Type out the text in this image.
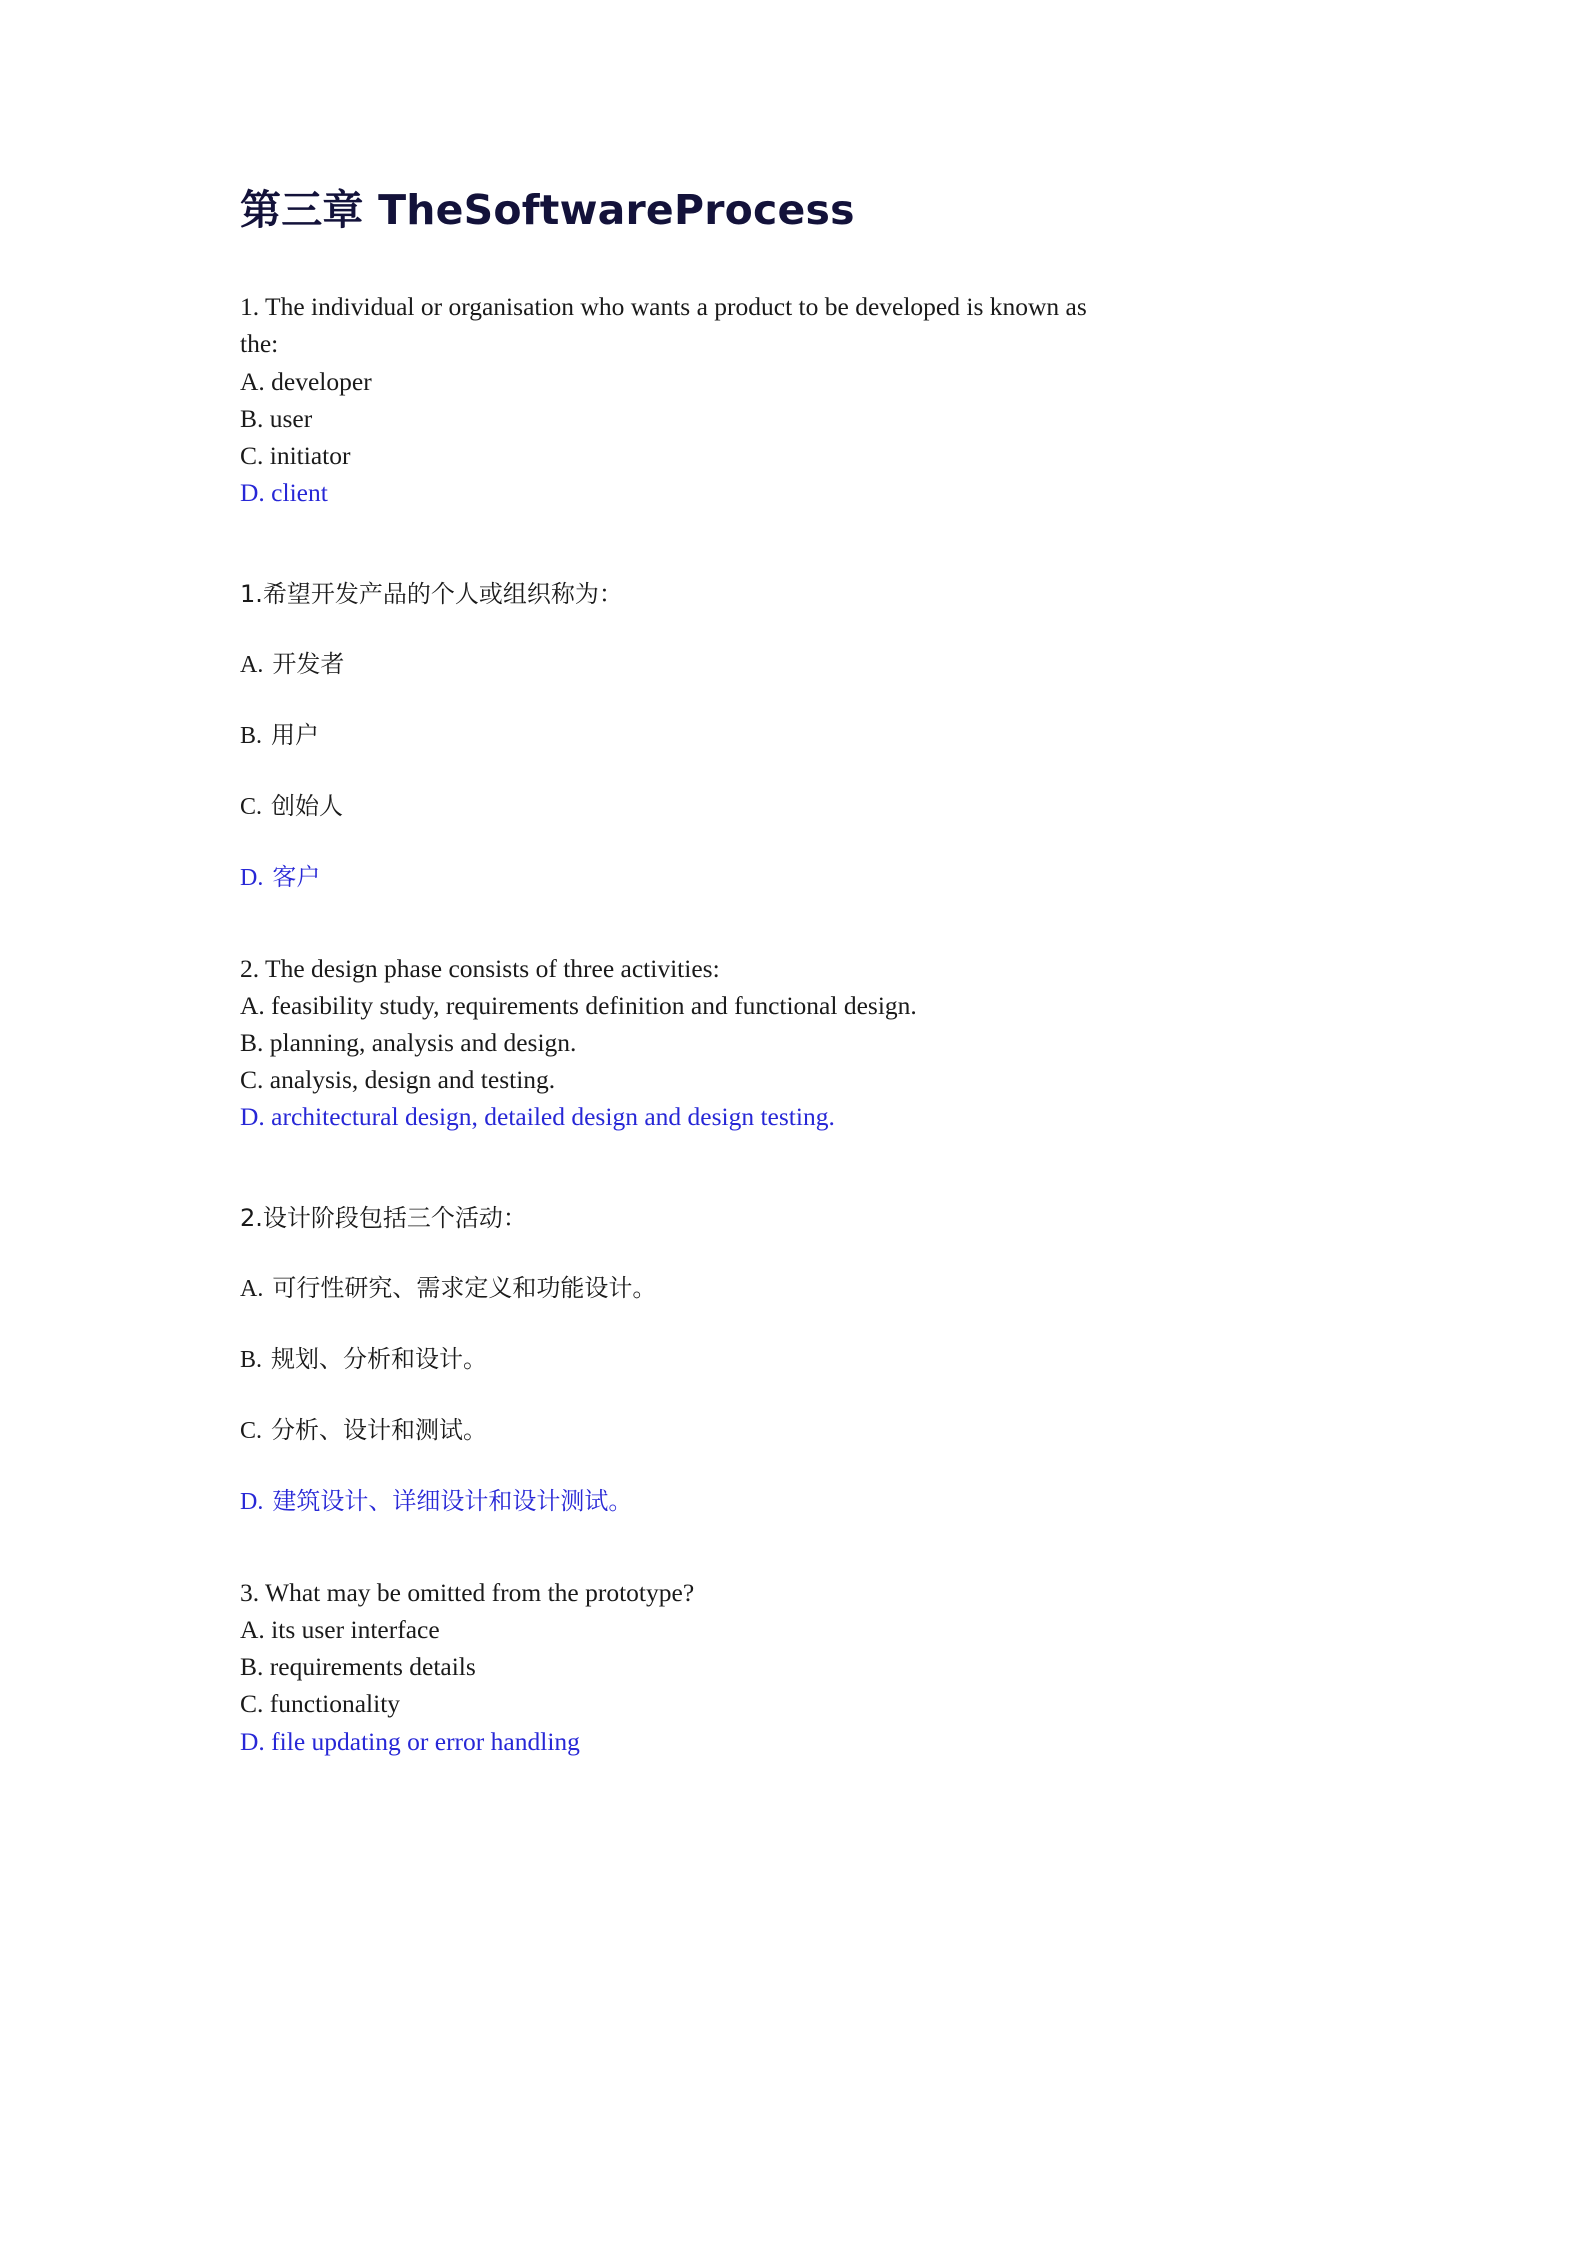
第三章 TheSoftwareProcess
1. The individual or organisation who wants a product to be developed is known as
the:
A. developer
B. user
C. initiator
D. client
1.希望开发产品的个人或组织称为：
A. 开发者
B. 用户
C. 创始人
D. 客户
2. The design phase consists of three activities:
A. feasibility study, requirements definition and functional design.
B. planning, analysis and design.
C. analysis, design and testing.
D. architectural design, detailed design and design testing.
2.设计阶段包括三个活动：
A. 可行性研究、需求定义和功能设计。
B. 规划、分析和设计。
C. 分析、设计和测试。
D. 建筑设计、详细设计和设计测试。
3. What may be omitted from the prototype?
A. its user interface
B. requirements details
C. functionality
D. file updating or error handling
